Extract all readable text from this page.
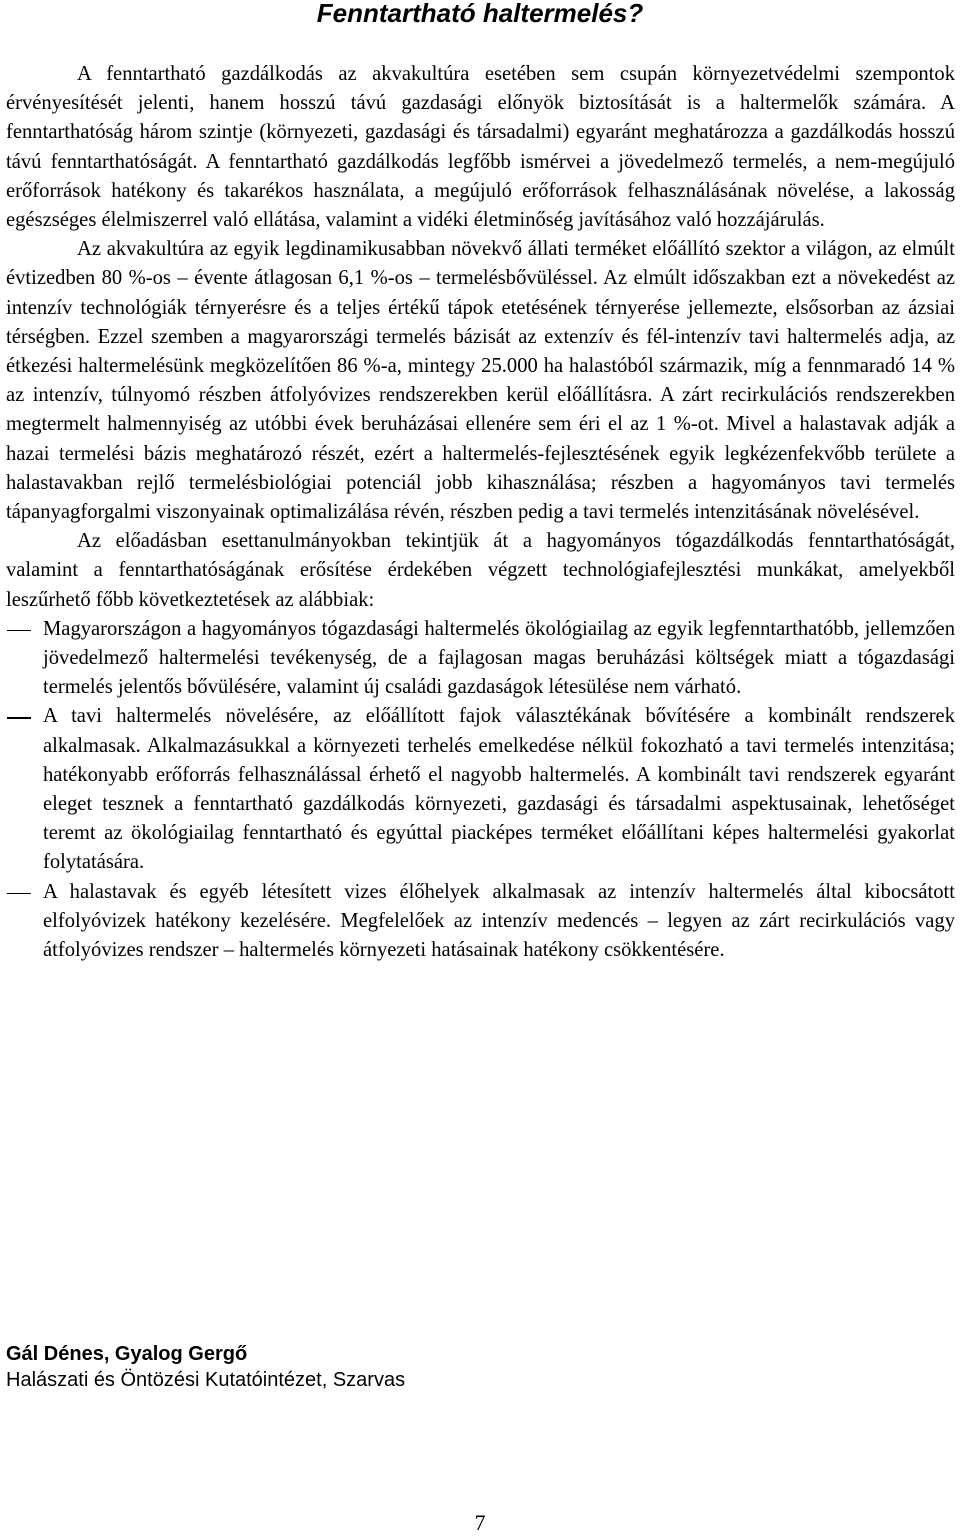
Fenntartható haltermelés?

A fenntartható gazdálkodás az akvakultúra esetében sem csupán környezetvédelmi szempontok érvényesítését jelenti, hanem hosszú távú gazdasági előnyök biztosítását is a haltermelők számára. A fenntarthatóság három szintje (környezeti, gazdasági és társadalmi) egyaránt meghatározza a gazdálkodás hosszú távú fenntarthatóságát. A fenntartható gazdálkodás legfőbb ismérvei a jövedelmező termelés, a nem-megújuló erőforrások hatékony és takarékos használata, a megújuló erőforrások felhasználásának növelése, a lakosság egészséges élelmiszerrel való ellátása, valamint a vidéki életminőség javításához való hozzájárulás.

Az akvakultúra az egyik legdinamikusabban növekvő állati terméket előállító szektor a világon, az elmúlt évtizedben 80 %-os – évente átlagosan 6,1 %-os – termelésbővüléssel. Az elmúlt időszakban ezt a növekedést az intenzív technológiák térnyerésre és a teljes értékű tápok etetésének térnyerése jellemezte, elsősorban az ázsiai térségben. Ezzel szemben a magyarországi termelés bázisát az extenzív és fél-intenzív tavi haltermelés adja, az étkezési haltermelésünk megközelítően 86 %-a, mintegy 25.000 ha halastóból származik, míg a fennmaradó 14 % az intenzív, túlnyomó részben átfolyóvizes rendszerekben kerül előállításra. A zárt recirkulációs rendszerekben megtermelt halmennyiség az utóbbi évek beruházásai ellenére sem éri el az 1 %-ot. Mivel a halastavak adják a hazai termelési bázis meghatározó részét, ezért a haltermelés-fejlesztésének egyik legkézenfekvőbb területe a halastavakban rejlő termelésbiológiai potenciál jobb kihasználása; részben a hagyományos tavi termelés tápanyagforgalmi viszonyainak optimalizálása révén, részben pedig a tavi termelés intenzitásának növelésével.

Az előadásban esettanulmányokban tekintjük át a hagyományos tógazdálkodás fenntarthatóságát, valamint a fenntarthatóságának erősítése érdekében végzett technológiafejlesztési munkákat, amelyekből leszűrhető főbb következtetések az alábbiak:

Magyarországon a hagyományos tógazdasági haltermelés ökológiailag az egyik legfenntarthatóbb, jellemzően jövedelmező haltermelési tevékenység, de a fajlagosan magas beruházási költségek miatt a tógazdasági termelés jelentős bővülésére, valamint új családi gazdaságok létesülése nem várható.
A tavi haltermelés növelésére, az előállított fajok választékának bővítésére a kombinált rendszerek alkalmasak. Alkalmazásukkal a környezeti terhelés emelkedése nélkül fokozható a tavi termelés intenzitása; hatékonyabb erőforrás felhasználással érhető el nagyobb haltermelés. A kombinált tavi rendszerek egyaránt eleget tesznek a fenntartható gazdálkodás környezeti, gazdasági és társadalmi aspektusainak, lehetőséget teremt az ökológiailag fenntartható és egyúttal piacképes terméket előállítani képes haltermelési gyakorlat folytatására.
A halastavak és egyéb létesített vizes élőhelyek alkalmasak az intenzív haltermelés által kibocsátott elfolyóvizek hatékony kezelésére. Megfelelőek az intenzív medencés – legyen az zárt recirkulációs vagy átfolyóvizes rendszer – haltermelés környezeti hatásainak hatékony csökkentésére.

Gál Dénes, Gyalog Gergő

Halászati és Öntözési Kutatóintézet, Szarvas

7
